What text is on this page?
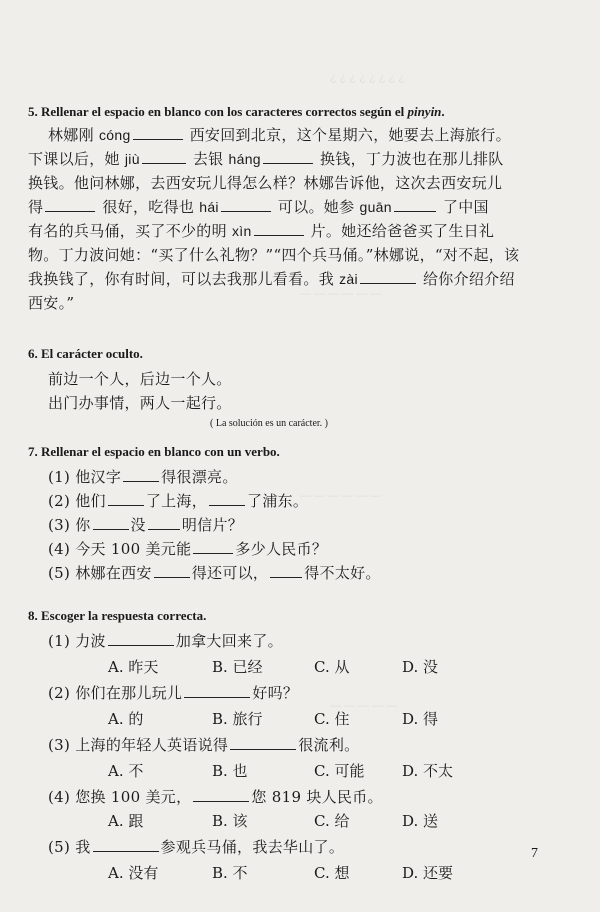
¿ ¿ ¿ ¿ ¿ ¿ ¿ ¿
— — — — — —
— — — — — —
— — — — —
5. Rellenar el espacio en blanco con los caracteres correctos según el pinyin.
林娜刚 cóng	西安回到北京，这个星期六，她要去上海旅行。
下课以后，她 jiù	去银 háng	换钱，丁力波也在那儿排队
换钱。他问林娜，去西安玩儿得怎么样？林娜告诉他，这次去西安玩儿
得	很好，吃得也 hái	可以。她参 guān	了中国
有名的兵马俑，买了不少的明 xìn	片。她还给爸爸买了生日礼
物。丁力波问她：“买了什么礼物？”“四个兵马俑。”林娜说，“对不起，该
我换钱了，你有时间，可以去我那儿看看。我 zài	给你介绍介绍
西安。”
6. El carácter oculto.
前边一个人，后边一个人。
出门办事情，两人一起行。
( La solución es un carácter. )
7. Rellenar el espacio en blanco con un verbo.
(1) 他汉字	得很漂亮。
(2) 他们	了上海，	了浦东。
(3) 你	没 明信片？
(4) 今天 100 美元能	多少人民币？
(5) 林娜在西安	得还可以， 得不太好。
8. Escoger la respuesta correcta.
(1) 力波	加拿大回来了。
A. 昨天	B. 已经	C. 从	D. 没
(2) 你们在那儿玩儿	好吗？
A. 的	B. 旅行	C. 住	D. 得
(3) 上海的年轻人英语说得	很流利。
A. 不	B. 也	C. 可能	D. 不太
(4) 您换 100 美元，	您 819 块人民币。
A. 跟	B. 该	C. 给	D. 送
(5) 我	参观兵马俑，我去华山了。
A. 没有	B. 不	C. 想	D. 还要
7
